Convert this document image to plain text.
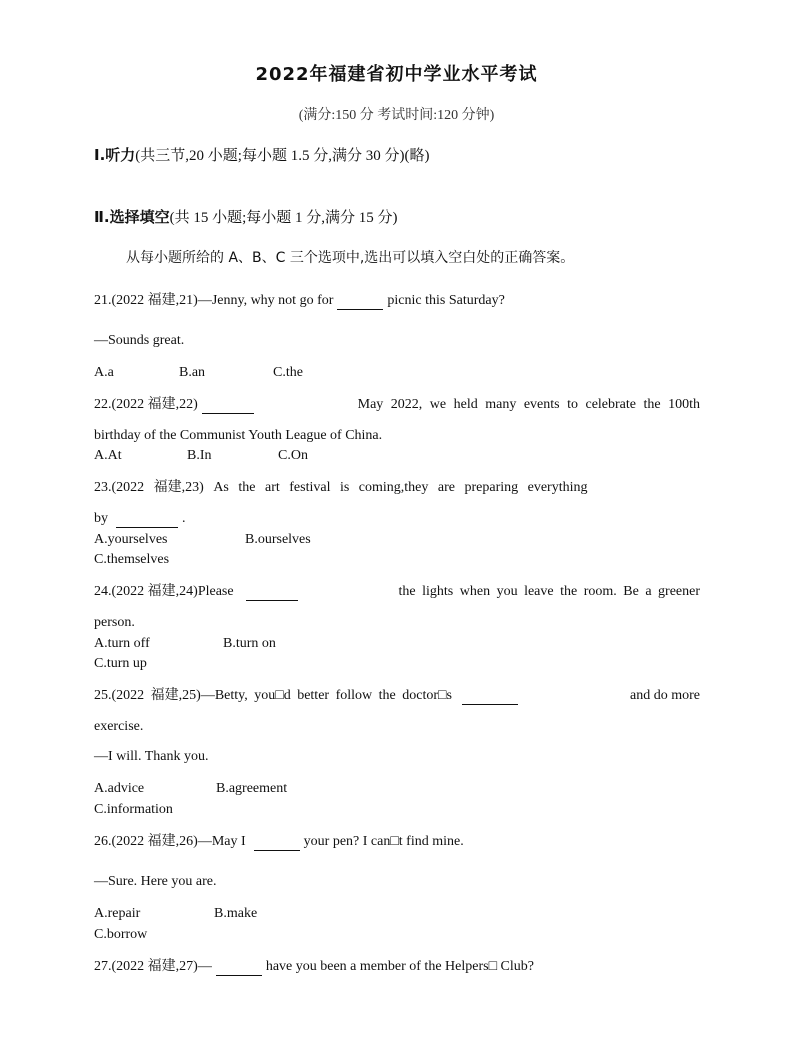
2022年福建省初中学业水平考试
(满分:150 分 考试时间:120 分钟)
Ⅰ.听力(共三节,20 小题;每小题 1.5 分,满分 30 分)(略)
Ⅱ.选择填空(共 15 小题;每小题 1 分,满分 15 分)
从每小题所给的 A、B、C 三个选项中,选出可以填入空白处的正确答案。
21.(2022 福建,21)—Jenny, why not go for	picnic this Saturday?
—Sounds great.
A.a	B.an	C.the
22.(2022 福建,22)	May 2022, we held many events to celebrate the 100th
birthday of the Communist Youth League of China.
A.At	B.In	C.On
23.(2022 福建,23) As the art festival is coming,they are preparing everything
by	.
A.yourselves	B.ourselves
C.themselves
24.(2022 福建,24)Please	the lights when you leave the room. Be a greener
person.
A.turn off	B.turn on
C.turn up
25.(2022 福建,25)—Betty, you□d better follow the doctor□s	and do more
exercise.
—I will. Thank you.
A.advice	B.agreement
C.information
26.(2022 福建,26)—May I	your pen? I can□t find mine.
—Sure. Here you are.
A.repair	B.make
C.borrow
27.(2022 福建,27)—	have you been a member of the Helpers□ Club?
